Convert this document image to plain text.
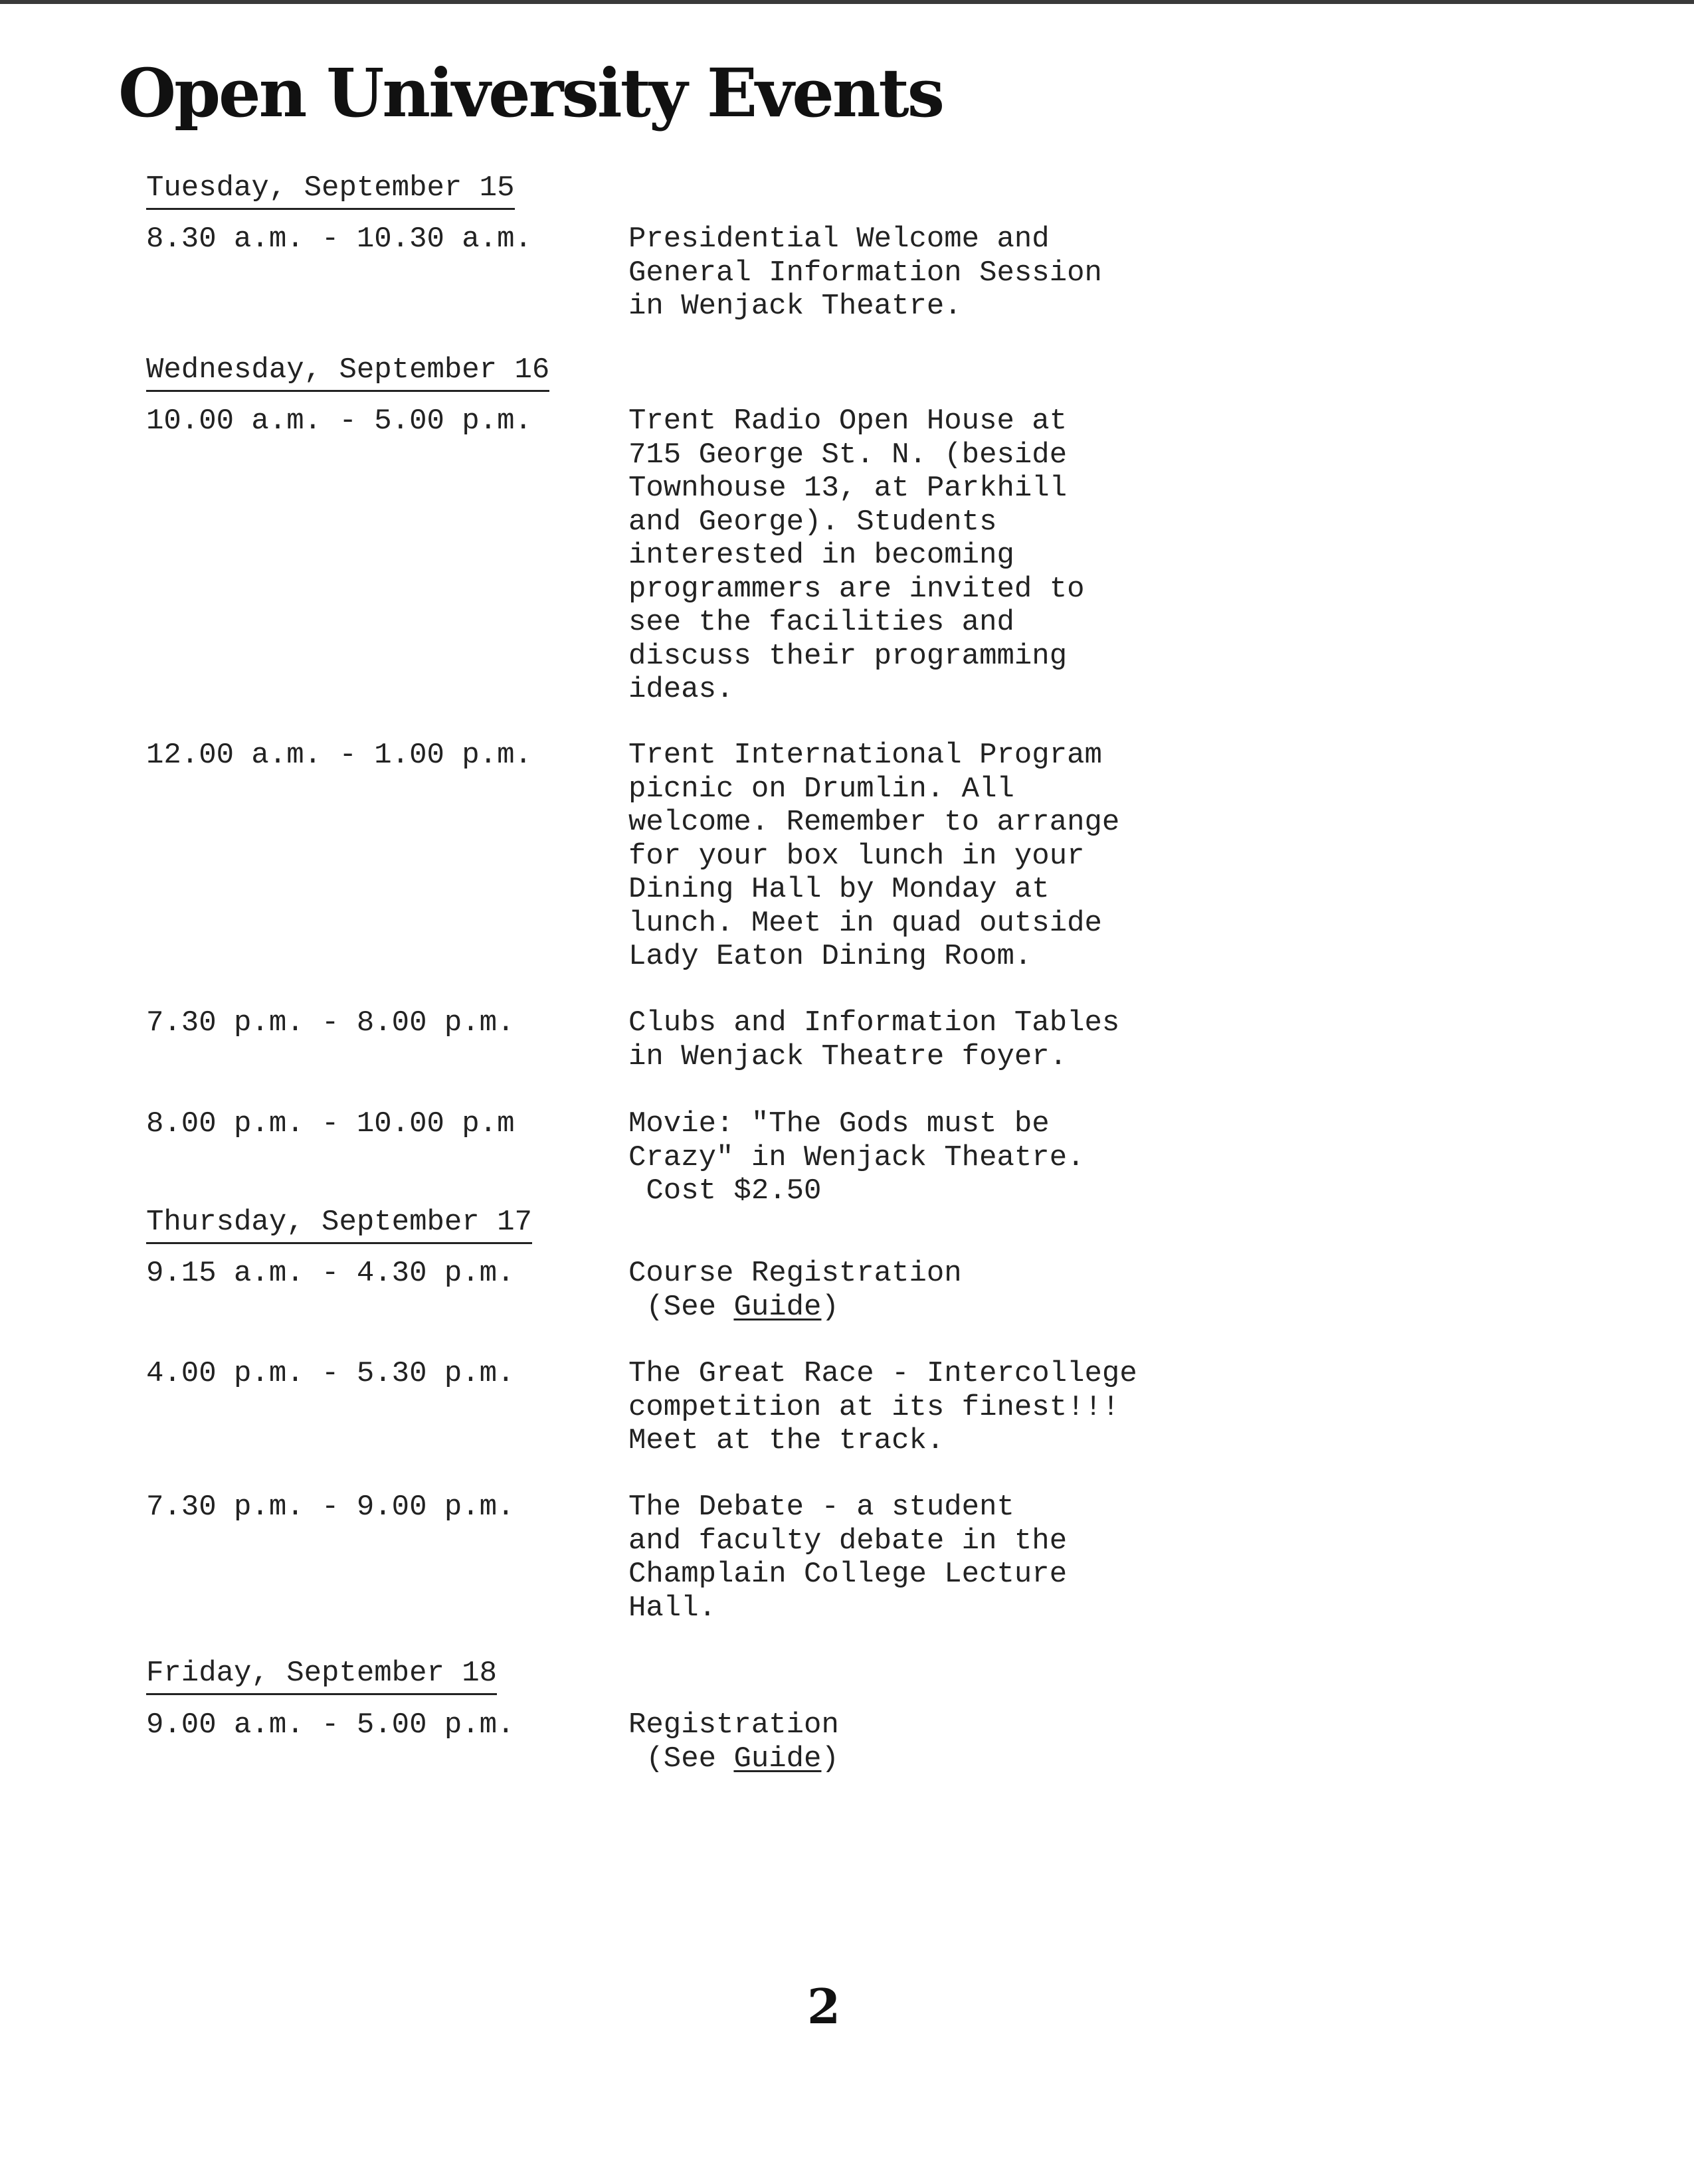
Open University Events
Tuesday, September 15
8.30 a.m. - 10.30 a.m.	Presidential Welcome and
General Information Session
in Wenjack Theatre.
Wednesday, September 16
10.00 a.m. - 5.00 p.m.	Trent Radio Open House at
715 George St. N. (beside
Townhouse 13, at Parkhill
and George). Students
interested in becoming
programmers are invited to
see the facilities and
discuss their programming
ideas.
12.00 a.m. - 1.00 p.m.	Trent International Program
picnic on Drumlin. All
welcome. Remember to arrange
for your box lunch in your
Dining Hall by Monday at
lunch. Meet in quad outside
Lady Eaton Dining Room.
7.30 p.m. - 8.00 p.m.	Clubs and Information Tables
in Wenjack Theatre foyer.
8.00 p.m. - 10.00 p.m	Movie: "The Gods must be
Crazy" in Wenjack Theatre.
Cost $2.50
Thursday, September 17
9.15 a.m. - 4.30 p.m.	Course Registration
(See Guide)
4.00 p.m. - 5.30 p.m.	The Great Race - Intercollege
competition at its finest!!!
Meet at the track.
7.30 p.m. - 9.00 p.m.	The Debate - a student
and faculty debate in the
Champlain College Lecture
Hall.
Friday, September 18
9.00 a.m. - 5.00 p.m.	Registration
(See Guide)
2
